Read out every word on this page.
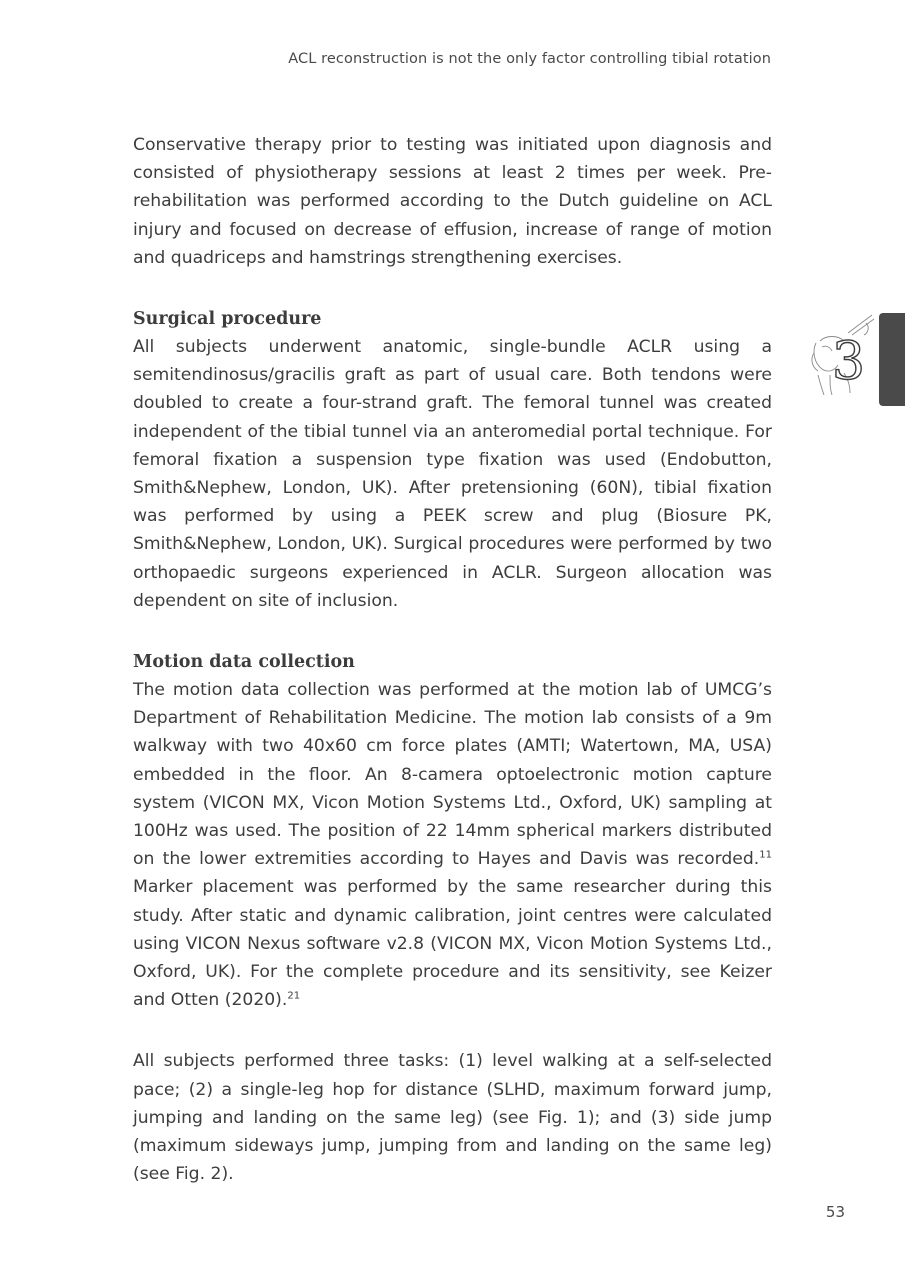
ACL reconstruction is not the only factor controlling tibial rotation

Conservative therapy prior to testing was initiated upon diagnosis and consisted of physiotherapy sessions at least 2 times per week. Pre-rehabilitation was performed according to the Dutch guideline on ACL injury and focused on decrease of effusion, increase of range of motion and quadriceps and hamstrings strengthening exercises.

Surgical procedure

All subjects underwent anatomic, single-bundle ACLR using a semitendinosus/gracilis graft as part of usual care. Both tendons were doubled to create a four-strand graft. The femoral tunnel was created independent of the tibial tunnel via an anteromedial portal technique. For femoral fixation a suspension type fixation was used (Endobutton, Smith&Nephew, London, UK). After pretensioning (60N), tibial fixation was performed by using a PEEK screw and plug (Biosure PK, Smith&Nephew, London, UK). Surgical procedures were performed by two orthopaedic surgeons experienced in ACLR. Surgeon allocation was dependent on site of inclusion.

Motion data collection

The motion data collection was performed at the motion lab of UMCG’s Department of Rehabilitation Medicine. The motion lab consists of a 9m walkway with two 40x60 cm force plates (AMTI; Watertown, MA, USA) embedded in the floor. An 8-camera optoelectronic motion capture system (VICON MX, Vicon Motion Systems Ltd., Oxford, UK) sampling at 100Hz was used. The position of 22 14mm spherical markers distributed on the lower extremities according to Hayes and Davis was recorded.$^{11}$ Marker placement was performed by the same researcher during this study. After static and dynamic calibration, joint centres were calculated using VICON Nexus software v2.8 (VICON MX, Vicon Motion Systems Ltd., Oxford, UK). For the complete procedure and its sensitivity, see Keizer and Otten (2020).$^{21}$

All subjects performed three tasks: (1) level walking at a self-selected pace; (2) a single-leg hop for distance (SLHD, maximum forward jump, jumping and landing on the same leg) (see Fig. 1); and (3) side jump (maximum sideways jump, jumping from and landing on the same leg) (see Fig. 2).

3
53
